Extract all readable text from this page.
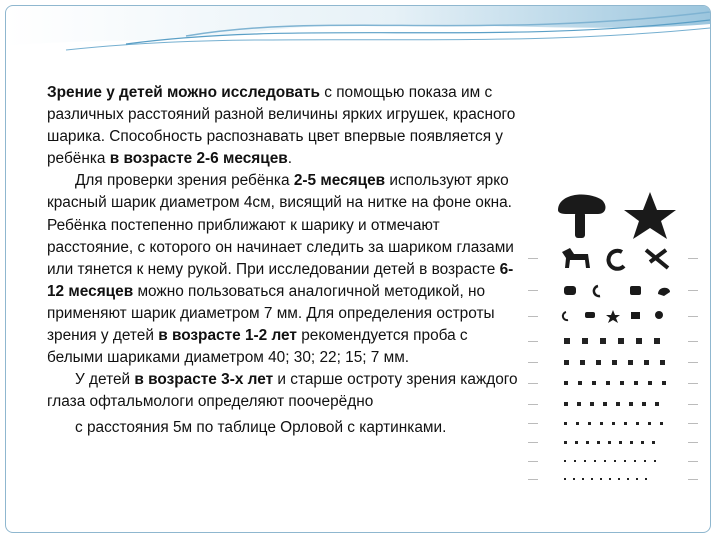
Зрение у детей можно исследовать с помощью показа им с различных расстояний разной величины ярких игрушек, красного шарика. Способность распознавать цвет впервые появляется у ребёнка в возрасте 2-6 месяцев.

Для проверки зрения ребёнка 2-5 месяцев используют ярко красный шарик диаметром 4см, висящий на нитке на фоне окна. Ребёнка постепенно приближают к шарику и отмечают расстояние, с которого он начинает следить за шариком глазами или тянется к нему рукой. При исследовании детей в возрасте 6-12 месяцев можно пользоваться аналогичной методикой, но применяют шарик диаметром 7 мм. Для определения остроты зрения у детей в возрасте 1-2 лет рекомендуется проба с белыми шариками диаметром 40; 30; 22; 15; 7 мм.

У детей в возрасте 3-х лет и старше остроту зрения каждого глаза офтальмологи определяют поочерёдно
с расстояния 5м по таблице Орловой с картинками.
